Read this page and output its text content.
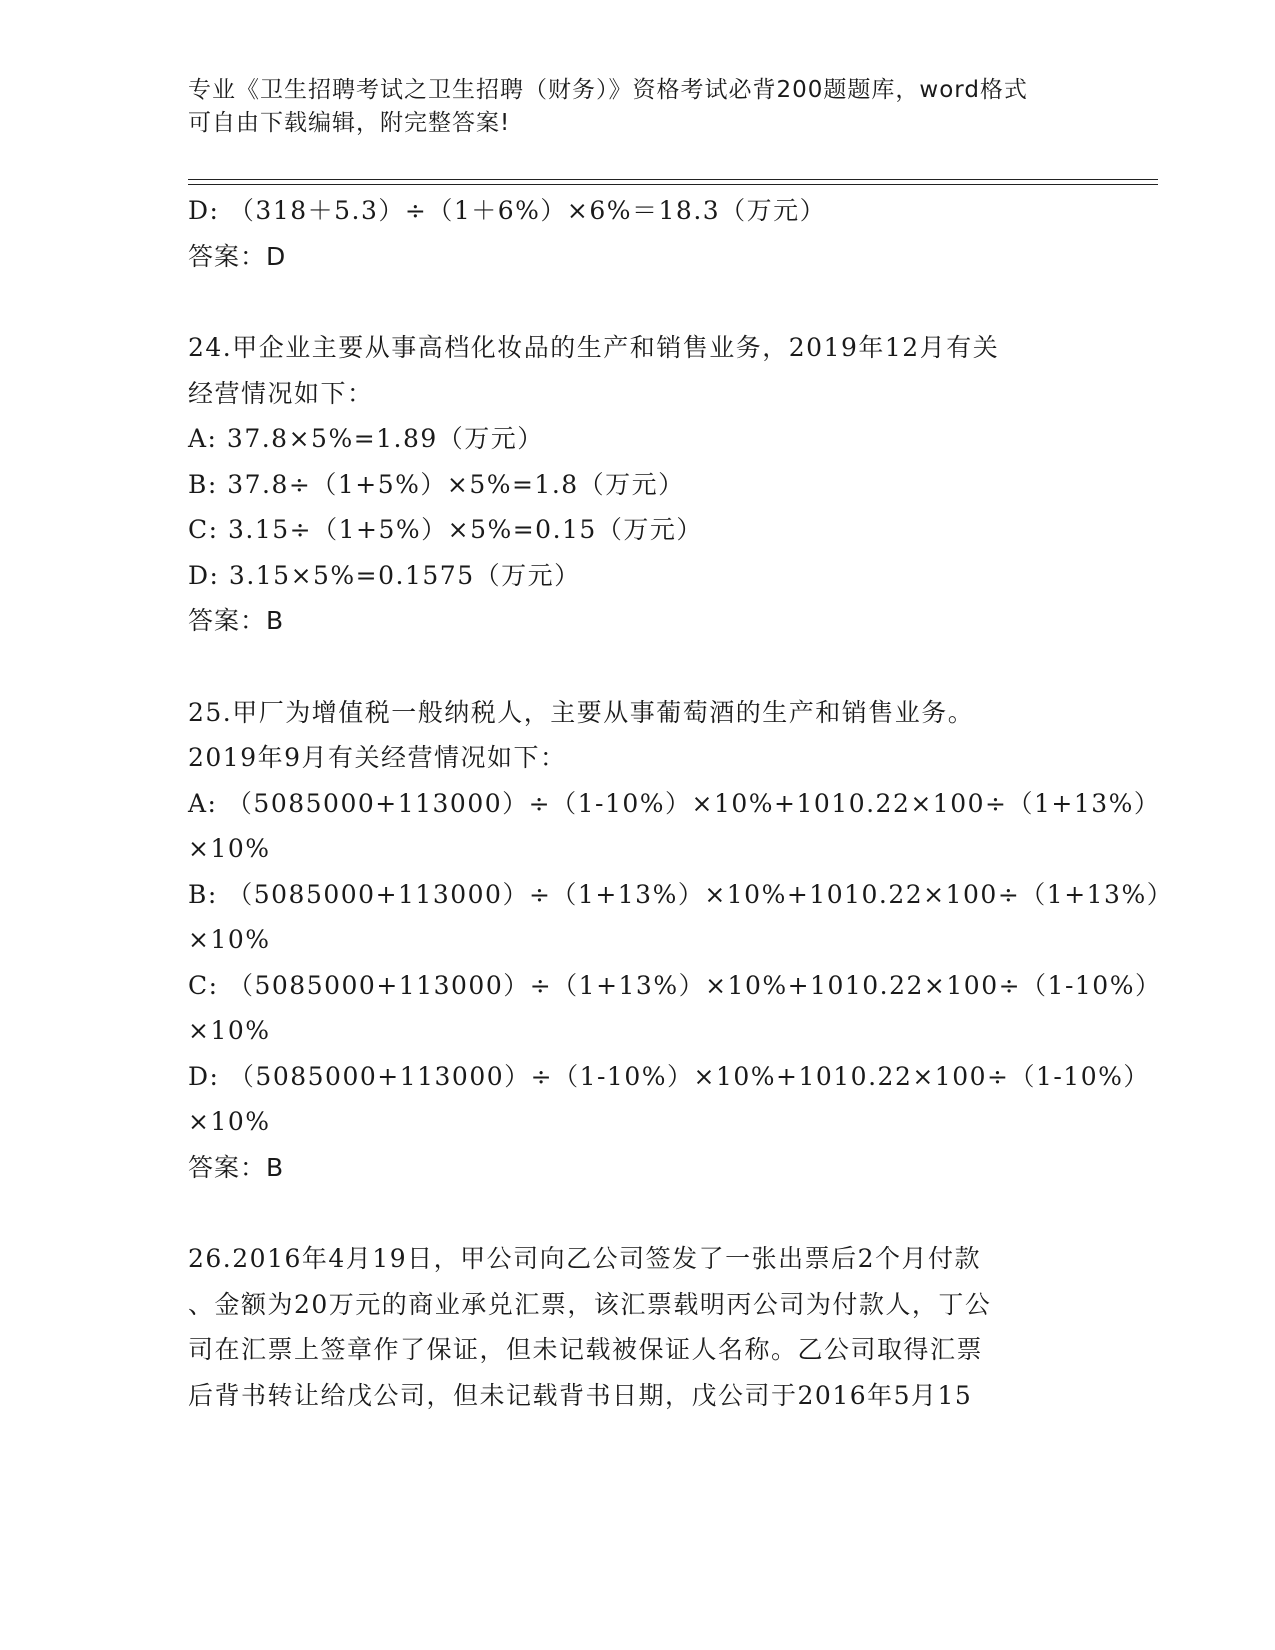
专业《卫生招聘考试之卫生招聘（财务）》资格考试必背200题题库，word格式
可自由下载编辑，附完整答案!
D: （318＋5.3）÷（1＋6%）×6%＝18.3（万元）
答案：D
24.甲企业主要从事高档化妆品的生产和销售业务，2019年12月有关
经营情况如下：
A: 37.8×5%=1.89（万元）
B: 37.8÷（1+5%）×5%=1.8（万元）
C: 3.15÷（1+5%）×5%=0.15（万元）
D: 3.15×5%=0.1575（万元）
答案：B
25.甲厂为增值税一般纳税人，主要从事葡萄酒的生产和销售业务。
2019年9月有关经营情况如下：
A: （5085000+113000）÷（1-10%）×10%+1010.22×100÷（1+13%）
×10%
B: （5085000+113000）÷（1+13%）×10%+1010.22×100÷（1+13%）
×10%
C: （5085000+113000）÷（1+13%）×10%+1010.22×100÷（1-10%）
×10%
D: （5085000+113000）÷（1-10%）×10%+1010.22×100÷（1-10%）
×10%
答案：B
26.2016年4月19日，甲公司向乙公司签发了一张出票后2个月付款
、金额为20万元的商业承兑汇票，该汇票载明丙公司为付款人，丁公
司在汇票上签章作了保证，但未记载被保证人名称。乙公司取得汇票
后背书转让给戊公司，但未记载背书日期，戊公司于2016年5月15
